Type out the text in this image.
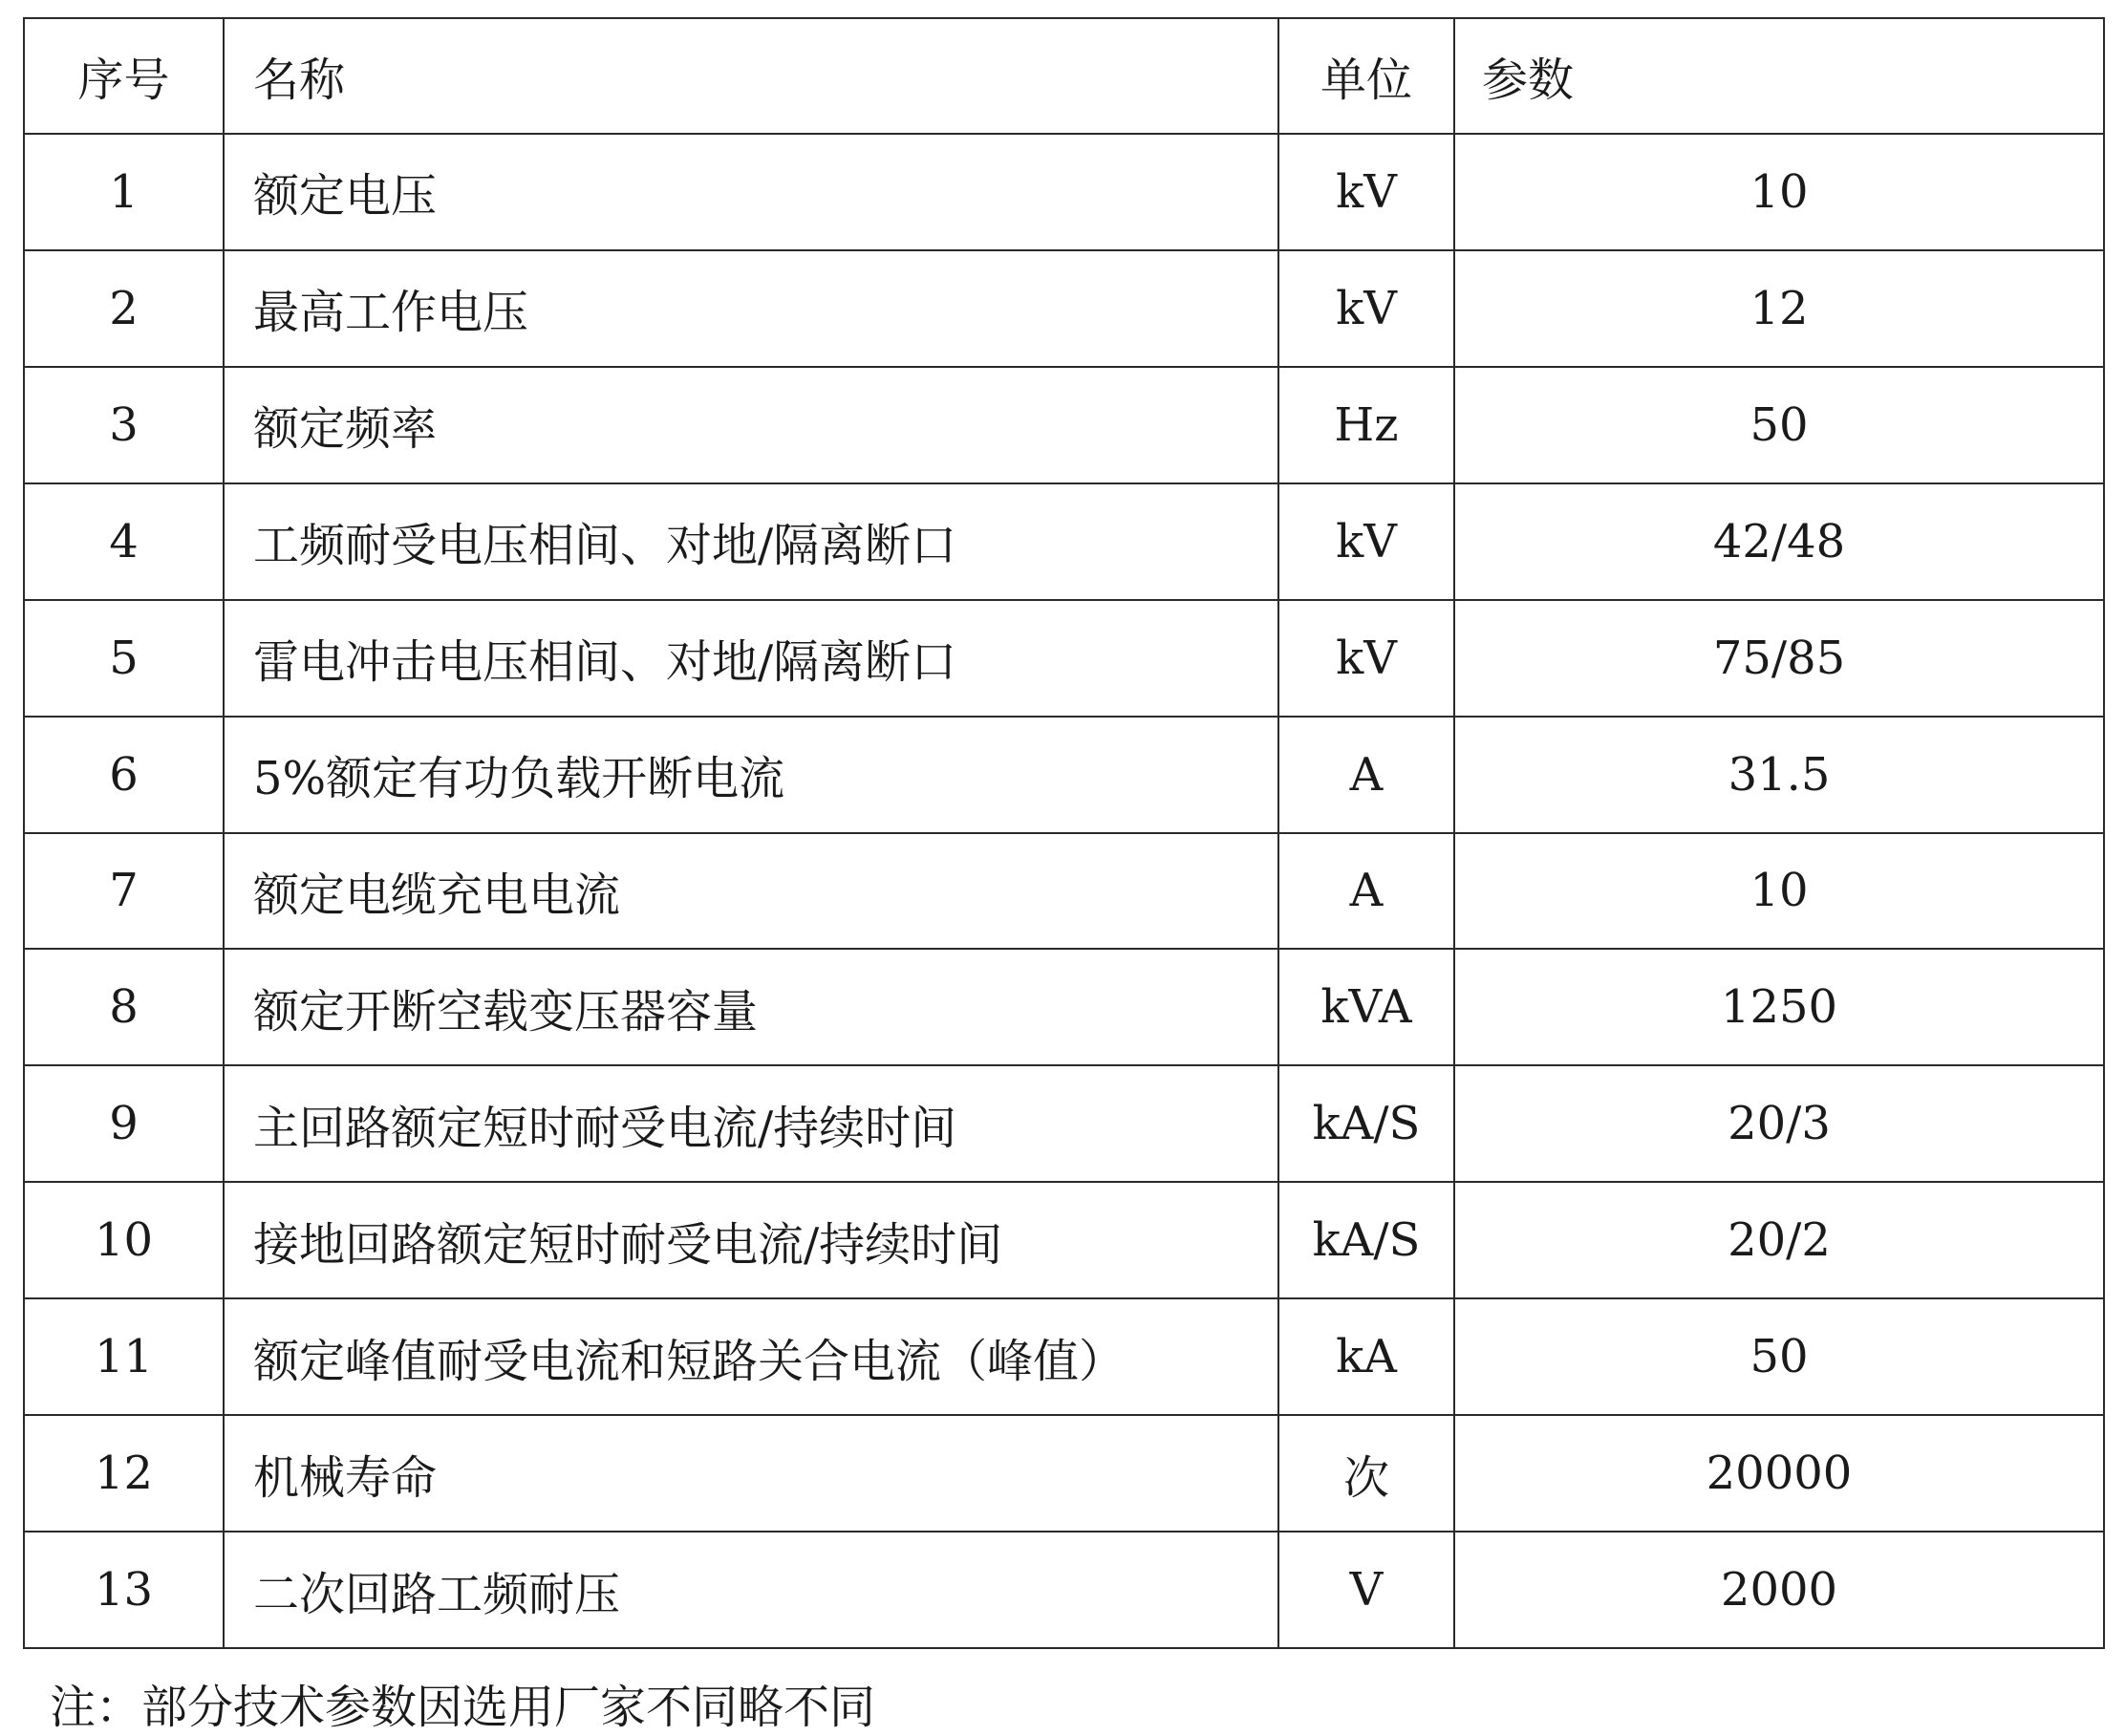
序号	名称	单位	参数
1	额定电压	kV	10
2	最高工作电压	kV	12
3	额定频率	Hz	50
4	工频耐受电压相间、对地/隔离断口	kV	42/48
5	雷电冲击电压相间、对地/隔离断口	kV	75/85
6	5%额定有功负载开断电流	A	31.5
7	额定电缆充电电流	A	10
8	额定开断空载变压器容量	kVA	1250
9	主回路额定短时耐受电流/持续时间	kA/S	20/3
10	接地回路额定短时耐受电流/持续时间	kA/S	20/2
11	额定峰值耐受电流和短路关合电流（峰值）	kA	50
12	机械寿命	次	20000
13	二次回路工频耐压	V	2000
注：部分技术参数因选用厂家不同略不同
